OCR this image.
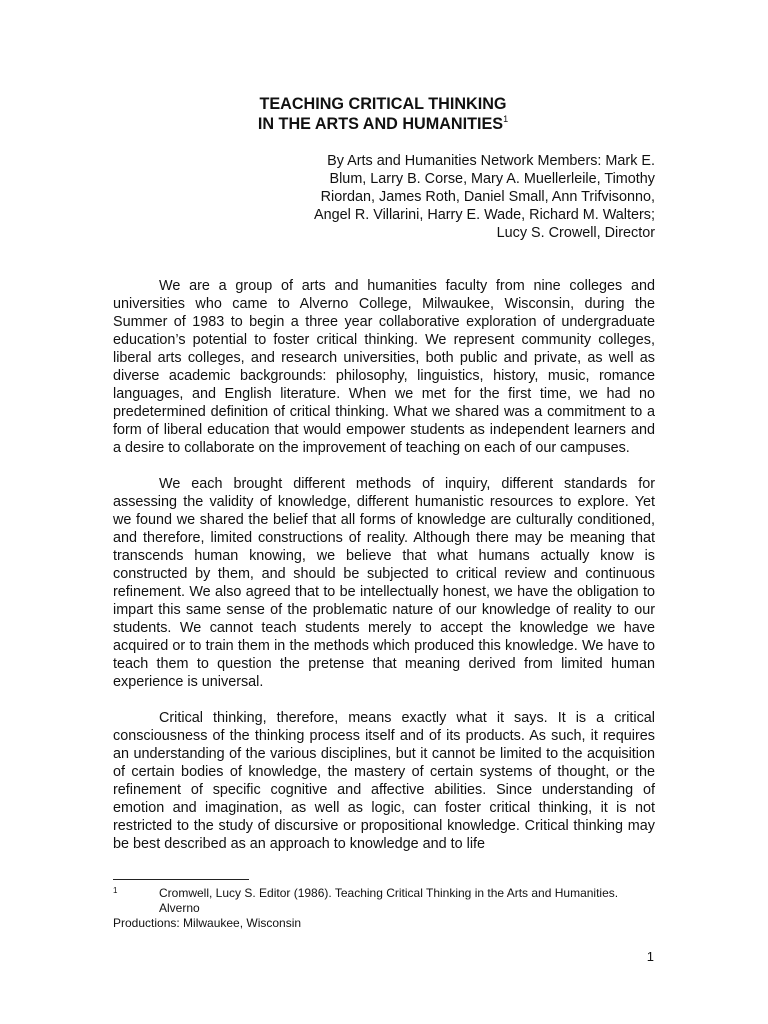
TEACHING CRITICAL THINKING
IN THE ARTS AND HUMANITIES$^1$
By Arts and Humanities Network Members: Mark E.
Blum, Larry B. Corse, Mary A. Muellerleile, Timothy
Riordan, James Roth, Daniel Small, Ann Trifvisonno,
Angel R. Villarini, Harry E. Wade, Richard M. Walters;
Lucy S. Crowell, Director

We are a group of arts and humanities faculty from nine colleges and universities who came to Alverno College, Milwaukee, Wisconsin, during the Summer of 1983 to begin a three year collaborative exploration of undergraduate education’s potential to foster critical thinking. We represent community colleges, liberal arts colleges, and research universities, both public and private, as well as diverse academic backgrounds: philosophy, linguistics, history, music, romance languages, and English literature. When we met for the first time, we had no predetermined definition of critical thinking. What we shared was a commitment to a form of liberal education that would empower students as independent learners and a desire to collaborate on the improvement of teaching on each of our campuses.

We each brought different methods of inquiry, different standards for assessing the validity of knowledge, different humanistic resources to explore. Yet we found we shared the belief that all forms of knowledge are culturally conditioned, and therefore, limited constructions of reality. Although there may be meaning that transcends human knowing, we believe that what humans actually know is constructed by them, and should be subjected to critical review and continuous refinement. We also agreed that to be intellectually honest, we have the obligation to impart this same sense of the problematic nature of our knowledge of reality to our students. We cannot teach students merely to accept the knowledge we have acquired or to train them in the methods which produced this knowledge. We have to teach them to question the pretense that meaning derived from limited human experience is universal.

Critical thinking, therefore, means exactly what it says. It is a critical consciousness of the thinking process itself and of its products. As such, it requires an understanding of the various disciplines, but it cannot be limited to the acquisition of certain bodies of knowledge, the mastery of certain systems of thought, or the refinement of specific cognitive and affective abilities. Since understanding of emotion and imagination, as well as logic, can foster critical thinking, it is not restricted to the study of discursive or propositional knowledge. Critical thinking may be best described as an approach to knowledge and to life

1	Cromwell, Lucy S. Editor (1986). Teaching Critical Thinking in the Arts and Humanities.
Alverno
Productions: Milwaukee, Wisconsin
1
